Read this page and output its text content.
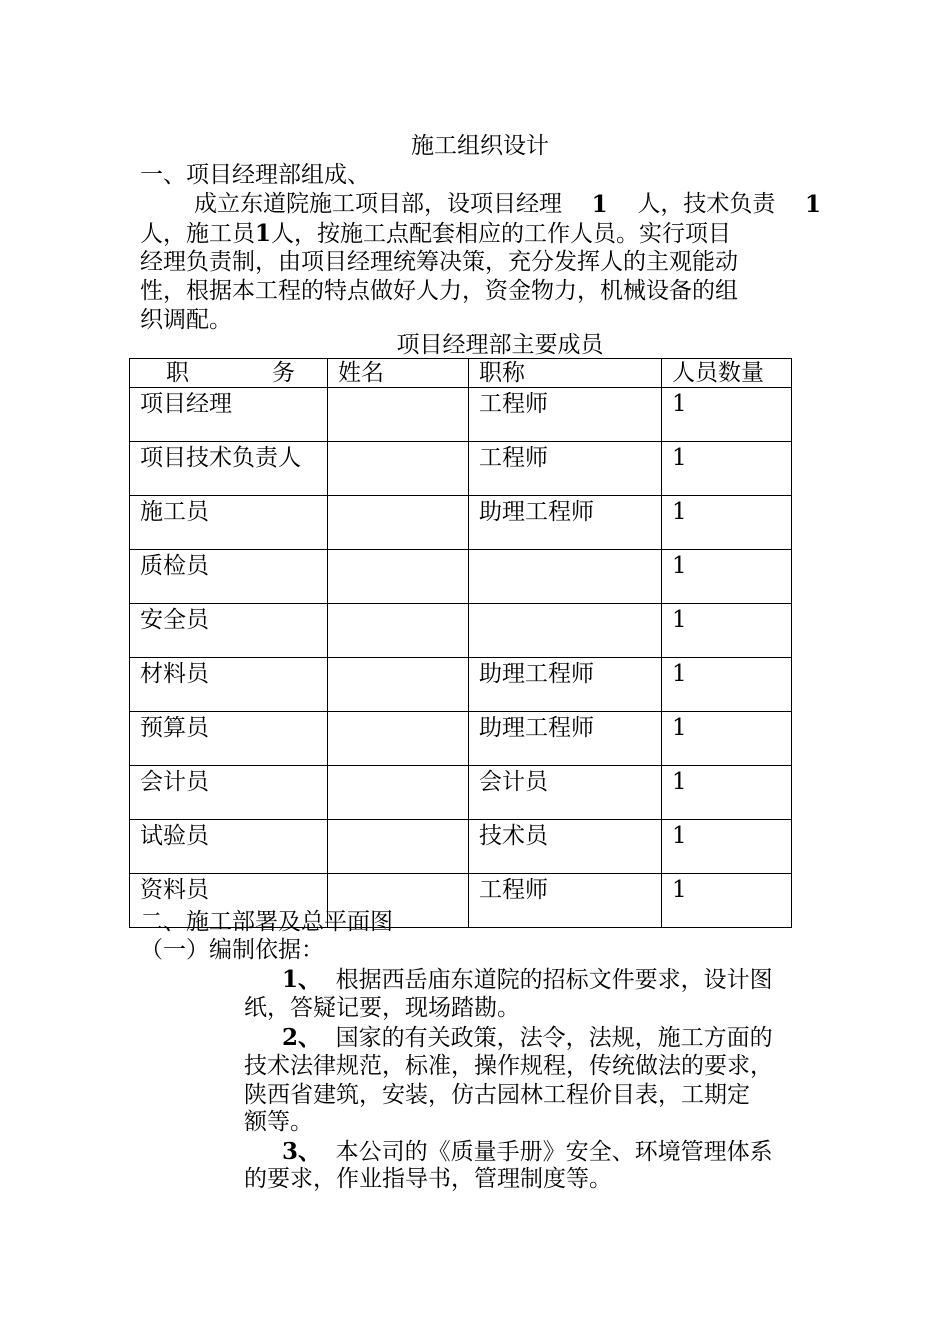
施工组织设计
一、项目经理部组成、
成立东道院施工项目部，设项目经理 1 人，技术负责 1
人，施工员1人，按施工点配套相应的工作人员。实行项目
经理负责制，由项目经理统筹决策，充分发挥人的主观能动
性，根据本工程的特点做好人力，资金物力，机械设备的组
织调配。
项目经理部主要成员
职 务	姓名	职称	人员数量
项目经理		工程师	1
项目技术负责人		工程师	1
施工员		助理工程师	1
质检员			1
安全员			1
材料员		助理工程师	1
预算员		助理工程师	1
会计员		会计员	1
试验员		技术员	1
资料员		工程师	1
二、施工部署及总平面图
（一）编制依据：
1、 根据西岳庙东道院的招标文件要求，设计图
纸，答疑记要，现场踏勘。
2、 国家的有关政策，法令，法规，施工方面的
技术法律规范，标准，操作规程，传统做法的要求，
陕西省建筑，安装，仿古园林工程价目表，工期定
额等。
3、 本公司的《质量手册》安全、环境管理体系
的要求，作业指导书，管理制度等。
